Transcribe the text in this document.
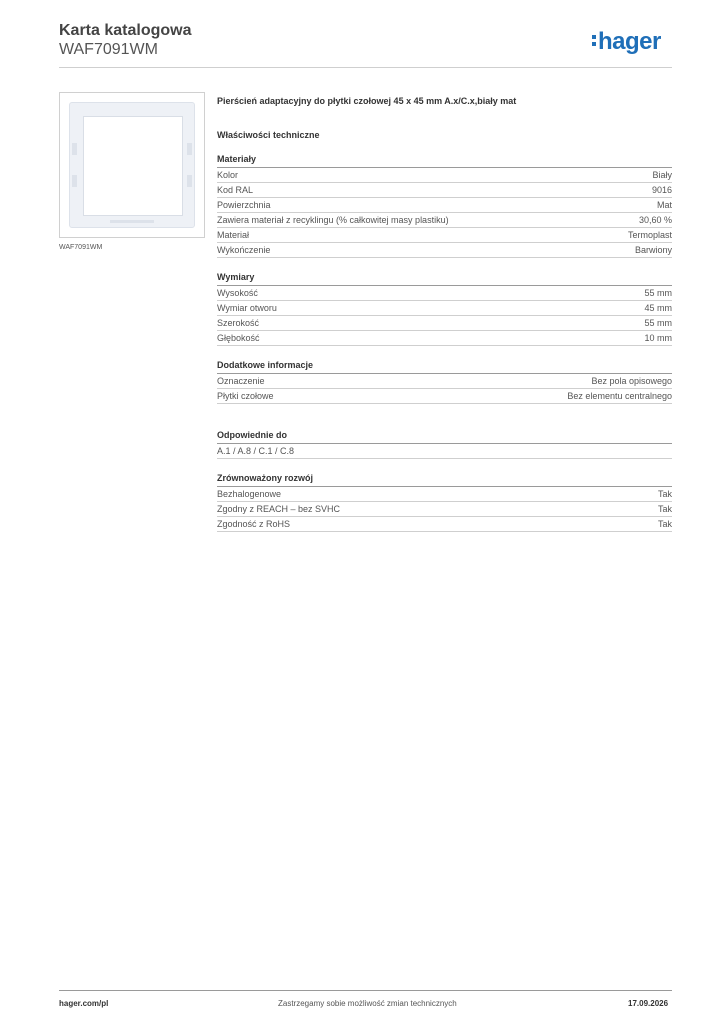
Karta katalogowa
WAF7091WM	hager
WAF7091WM
Pierścień adaptacyjny do płytki czołowej 45 x 45 mm A.x/C.x,biały mat
Właściwości techniczne
Materiały
Kolor	Biały
Kod RAL	9016
Powierzchnia	Mat
Zawiera materiał z recyklingu (% całkowitej masy plastiku)	30,60 %
Materiał	Termoplast
Wykończenie	Barwiony
Wymiary
Wysokość	55 mm
Wymiar otworu	45 mm
Szerokość	55 mm
Głębokość	10 mm
Dodatkowe informacje
Oznaczenie	Bez pola opisowego
Płytki czołowe	Bez elementu centralnego
Odpowiednie do
A.1 / A.8 / C.1 / C.8
Zrównoważony rozwój
Bezhalogenowe	Tak
Zgodny z REACH – bez SVHC	Tak
Zgodność z RoHS	Tak
hager.com/pl	Zastrzegamy sobie możliwość zmian technicznych	17.09.2026
